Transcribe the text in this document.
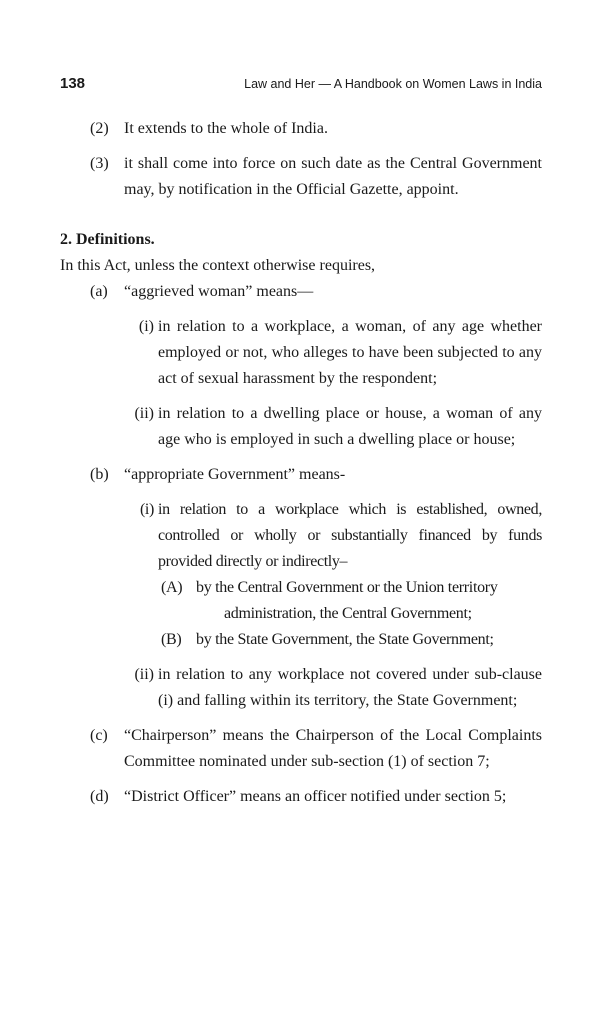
138	Law and Her — A Handbook on Women Laws in India
(2) It extends to the whole of India.
(3) it shall come into force on such date as the Central Government may, by notification in the Official Gazette, appoint.
2. Definitions.
In this Act, unless the context otherwise requires,
(a) “aggrieved woman” means—
(i) in relation to a workplace, a woman, of any age whether employed or not, who alleges to have been subjected to any act of sexual harassment by the respondent;
(ii) in relation to a dwelling place or house, a woman of any age who is employed in such a dwelling place or house;
(b) “appropriate Government” means-
(i) in relation to a workplace which is established, owned, controlled or wholly or substantially financed by funds provided directly or indirectly–
(A) by the Central Government or the Union territory
administration, the Central Government;
(B) by the State Government, the State Government;
(ii) in relation to any workplace not covered under sub-clause (i) and falling within its territory, the State Government;
(c) “Chairperson” means the Chairperson of the Local Complaints Committee nominated under sub-section (1) of section 7;
(d) “District Officer” means an officer notified under section 5;
